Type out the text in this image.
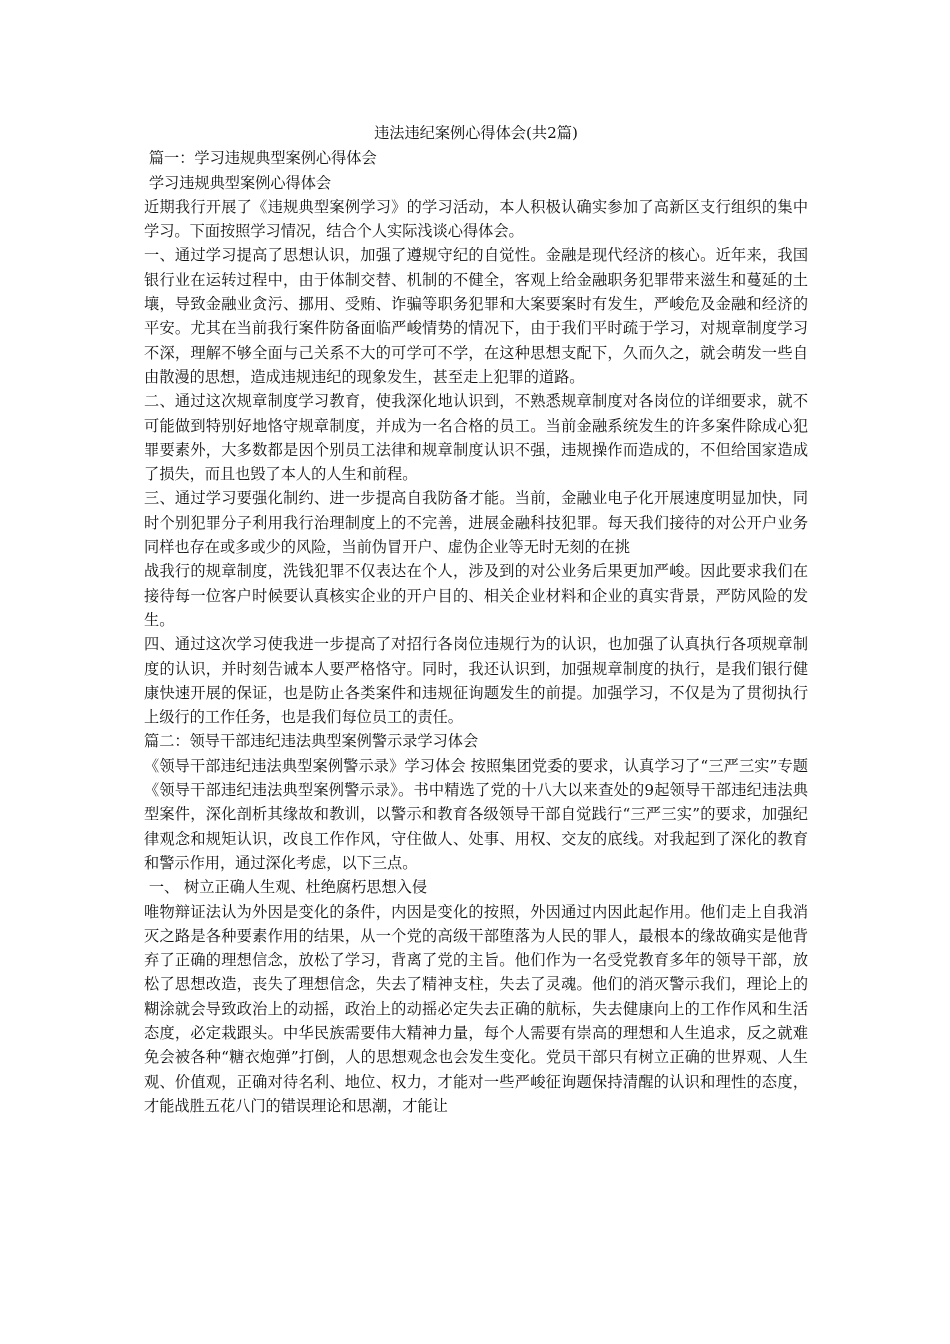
违法违纪案例心得体会(共2篇)

篇一：学习违规典型案例心得体会

学习违规典型案例心得体会

近期我行开展了《违规典型案例学习》的学习活动，本人积极认确实参加了高新区支行组织的集中学习。下面按照学习情况，结合个人实际浅谈心得体会。

一、通过学习提高了思想认识，加强了遵规守纪的自觉性。金融是现代经济的核心。近年来，我国银行业在运转过程中，由于体制交替、机制的不健全，客观上给金融职务犯罪带来滋生和蔓延的土壤，导致金融业贪污、挪用、受贿、诈骗等职务犯罪和大案要案时有发生，严峻危及金融和经济的平安。尤其在当前我行案件防备面临严峻情势的情况下，由于我们平时疏于学习，对规章制度学习不深，理解不够全面与己关系不大的可学可不学，在这种思想支配下，久而久之，就会萌发一些自由散漫的思想，造成违规违纪的现象发生，甚至走上犯罪的道路。

二、通过这次规章制度学习教育，使我深化地认识到，不熟悉规章制度对各岗位的详细要求，就不可能做到特别好地恪守规章制度，并成为一名合格的员工。当前金融系统发生的许多案件除成心犯罪要素外，大多数都是因个别员工法律和规章制度认识不强，违规操作而造成的，不但给国家造成了损失，而且也毁了本人的人生和前程。

三、通过学习要强化制约、进一步提高自我防备才能。当前，金融业电子化开展速度明显加快，同时个别犯罪分子利用我行治理制度上的不完善，进展金融科技犯罪。每天我们接待的对公开户业务同样也存在或多或少的风险，当前伪冒开户、虚伪企业等无时无刻的在挑

战我行的规章制度，洗钱犯罪不仅表达在个人，涉及到的对公业务后果更加严峻。因此要求我们在接待每一位客户时候要认真核实企业的开户目的、相关企业材料和企业的真实背景，严防风险的发生。

四、通过这次学习使我进一步提高了对招行各岗位违规行为的认识，也加强了认真执行各项规章制度的认识，并时刻告诫本人要严格恪守。同时，我还认识到，加强规章制度的执行，是我们银行健康快速开展的保证，也是防止各类案件和违规征询题发生的前提。加强学习，不仅是为了贯彻执行上级行的工作任务，也是我们每位员工的责任。

篇二：领导干部违纪违法典型案例警示录学习体会

《领导干部违纪违法典型案例警示录》学习体会 按照集团党委的要求，认真学习了“三严三实”专题《领导干部违纪违法典型案例警示录》。书中精选了党的十八大以来查处的9起领导干部违纪违法典型案件，深化剖析其缘故和教训，以警示和教育各级领导干部自觉践行“三严三实”的要求，加强纪律观念和规矩认识，改良工作作风，守住做人、处事、用权、交友的底线。对我起到了深化的教育和警示作用，通过深化考虑，以下三点。

一、 树立正确人生观、杜绝腐朽思想入侵

唯物辩证法认为外因是变化的条件，内因是变化的按照，外因通过内因此起作用。他们走上自我消灭之路是各种要素作用的结果，从一个党的高级干部堕落为人民的罪人，最根本的缘故确实是他背弃了正确的理想信念，放松了学习，背离了党的主旨。他们作为一名受党教育多年的领导干部，放松了思想改造，丧失了理想信念，失去了精神支柱，失去了灵魂。他们的消灭警示我们，理论上的糊涂就会导致政治上的动摇，政治上的动摇必定失去正确的航标，失去健康向上的工作作风和生活态度，必定栽跟头。中华民族需要伟大精神力量，每个人需要有崇高的理想和人生追求，反之就难免会被各种“糖衣炮弹”打倒，人的思想观念也会发生变化。党员干部只有树立正确的世界观、人生观、价值观，正确对待名利、地位、权力，才能对一些严峻征询题保持清醒的认识和理性的态度，才能战胜五花八门的错误理论和思潮，才能让
